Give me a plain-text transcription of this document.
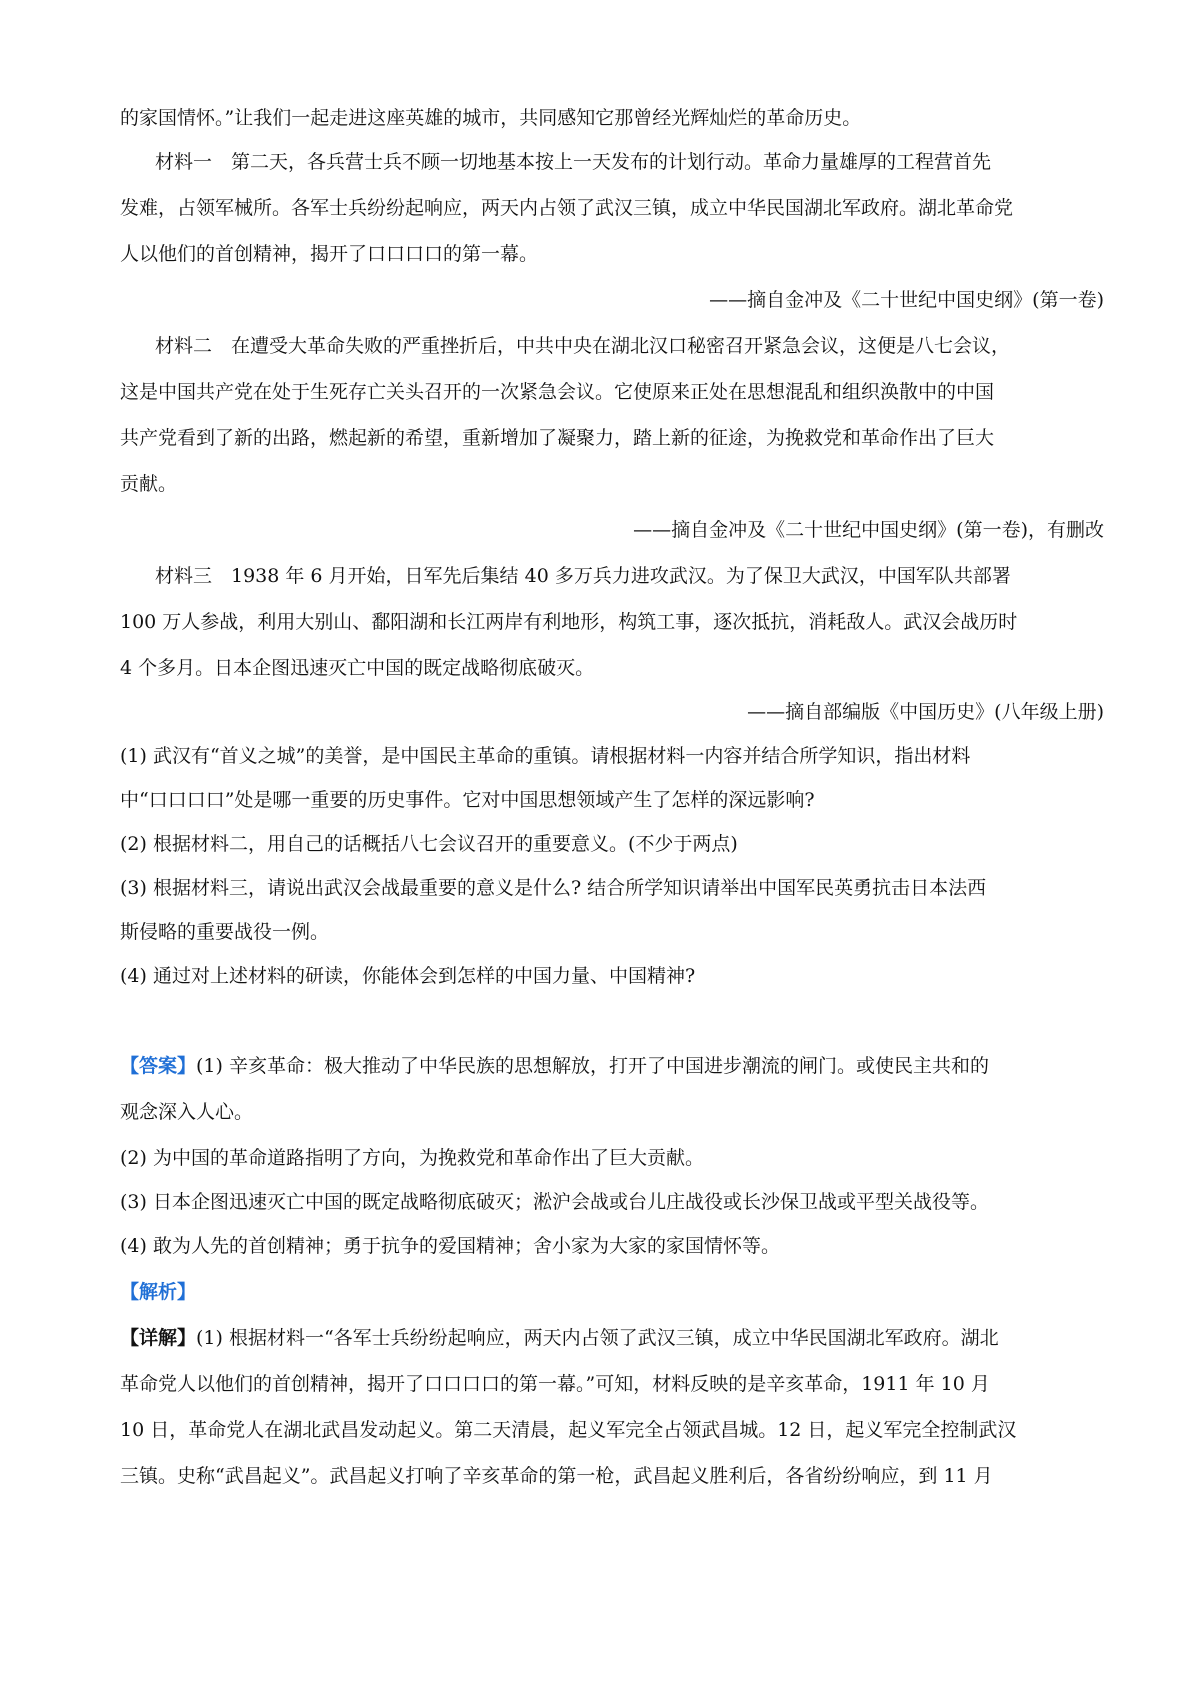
的家国情怀。”让我们一起走进这座英雄的城市，共同感知它那曾经光辉灿烂的革命历史。
材料一　第二天，各兵营士兵不顾一切地基本按上一天发布的计划行动。革命力量雄厚的工程营首先
发难，占领军械所。各军士兵纷纷起响应，两天内占领了武汉三镇，成立中华民国湖北军政府。湖北革命党
人以他们的首创精神，揭开了口口口口的第一幕。
——摘自金冲及《二十世纪中国史纲》(第一卷)
材料二　在遭受大革命失败的严重挫折后，中共中央在湖北汉口秘密召开紧急会议，这便是八七会议，
这是中国共产党在处于生死存亡关头召开的一次紧急会议。它使原来正处在思想混乱和组织涣散中的中国
共产党看到了新的出路，燃起新的希望，重新增加了凝聚力，踏上新的征途，为挽救党和革命作出了巨大
贡献。
——摘自金冲及《二十世纪中国史纲》(第一卷)，有删改
材料三　1938 年 6 月开始，日军先后集结 40 多万兵力进攻武汉。为了保卫大武汉，中国军队共部署
100 万人参战，利用大别山、鄱阳湖和长江两岸有利地形，构筑工事，逐次抵抗，消耗敌人。武汉会战历时
4 个多月。日本企图迅速灭亡中国的既定战略彻底破灭。
——摘自部编版《中国历史》(八年级上册)
(1) 武汉有“首义之城”的美誉，是中国民主革命的重镇。请根据材料一内容并结合所学知识，指出材料
中“口口口口”处是哪一重要的历史事件。它对中国思想领域产生了怎样的深远影响?
(2) 根据材料二，用自己的话概括八七会议召开的重要意义。(不少于两点)
(3) 根据材料三，请说出武汉会战最重要的意义是什么? 结合所学知识请举出中国军民英勇抗击日本法西
斯侵略的重要战役一例。
(4) 通过对上述材料的研读，你能体会到怎样的中国力量、中国精神?
【答案】(1) 辛亥革命：极大推动了中华民族的思想解放，打开了中国进步潮流的闸门。或使民主共和的
观念深入人心。
(2) 为中国的革命道路指明了方向，为挽救党和革命作出了巨大贡献。
(3) 日本企图迅速灭亡中国的既定战略彻底破灭；淞沪会战或台儿庄战役或长沙保卫战或平型关战役等。
(4) 敢为人先的首创精神；勇于抗争的爱国精神；舍小家为大家的家国情怀等。
【解析】
【详解】(1) 根据材料一“各军士兵纷纷起响应，两天内占领了武汉三镇，成立中华民国湖北军政府。湖北
革命党人以他们的首创精神，揭开了口口口口的第一幕。”可知，材料反映的是辛亥革命，1911 年 10 月
10 日，革命党人在湖北武昌发动起义。第二天清晨，起义军完全占领武昌城。12 日，起义军完全控制武汉
三镇。史称“武昌起义”。武昌起义打响了辛亥革命的第一枪，武昌起义胜利后，各省纷纷响应，到 11 月
